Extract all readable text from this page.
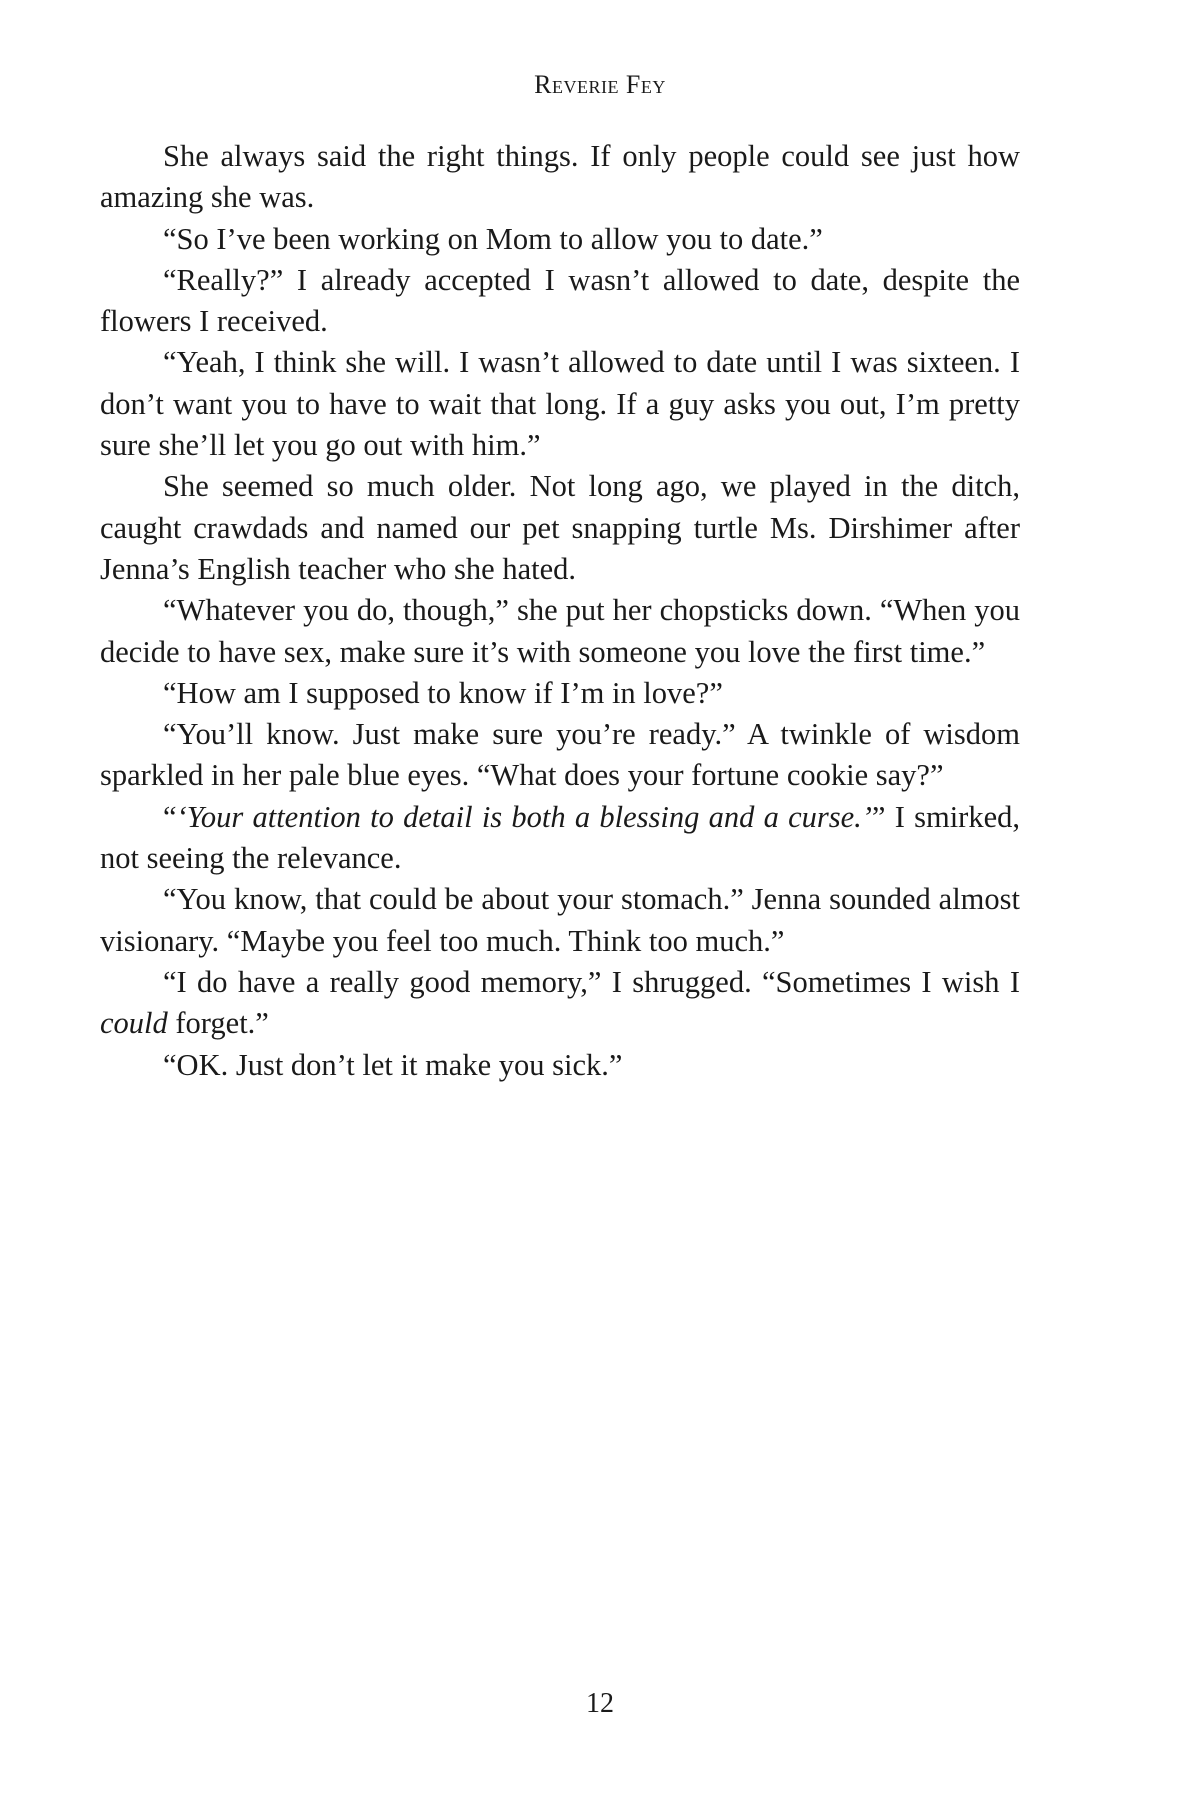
Reverie Fey

She always said the right things. If only people could see just how amazing she was.

“So I’ve been working on Mom to allow you to date.”

“Really?” I already accepted I wasn’t allowed to date, despite the flowers I received.

“Yeah, I think she will. I wasn’t allowed to date until I was sixteen. I don’t want you to have to wait that long. If a guy asks you out, I’m pretty sure she’ll let you go out with him.”

She seemed so much older. Not long ago, we played in the ditch, caught crawdads and named our pet snapping turtle Ms. Dirshimer after Jenna’s English teacher who she hated.

“Whatever you do, though,” she put her chopsticks down. “When you decide to have sex, make sure it’s with someone you love the first time.”

“How am I supposed to know if I’m in love?”

“You’ll know. Just make sure you’re ready.” A twinkle of wisdom sparkled in her pale blue eyes. “What does your fortune cookie say?”

“‘Your attention to detail is both a blessing and a curse.’” I smirked, not seeing the relevance.

“You know, that could be about your stomach.” Jenna sounded almost visionary. “Maybe you feel too much. Think too much.”

“I do have a really good memory,” I shrugged. “Sometimes I wish I could forget.”

“OK. Just don’t let it make you sick.”

12
